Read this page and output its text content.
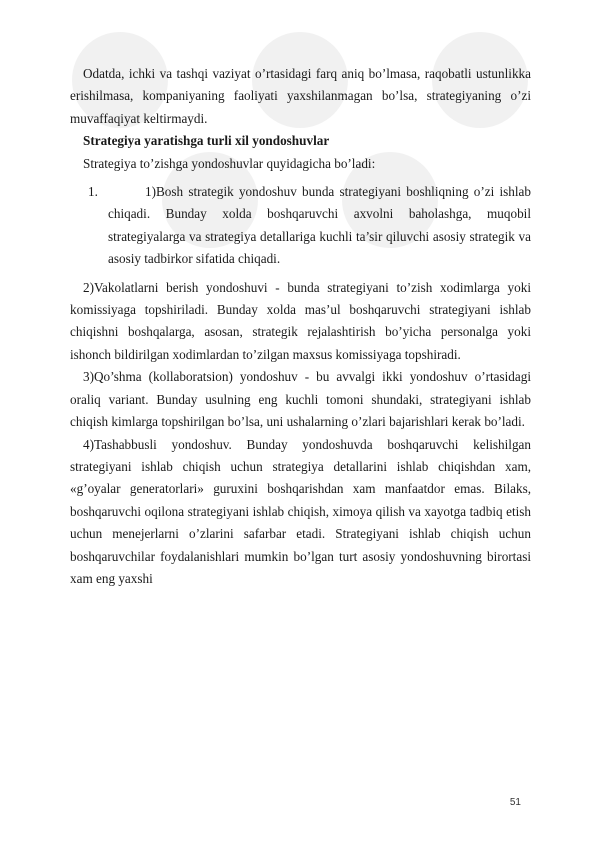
Odatda, ichki va tashqi vaziyat o’rtasidagi farq aniq bo’lmasa, raqobatli ustunlikka erishilmasa, kompaniyaning faoliyati yaxshilanmagan bo’lsa, strategiyaning o’zi muvaffaqiyat keltirmaydi.

Strategiya yaratishga turli xil yondoshuvlar

Strategiya to’zishga yondoshuvlar quyidagicha bo’ladi:

1.	1)Bosh strategik yondoshuv bunda strategiyani boshliqning o’zi ishlab chiqadi. Bunday xolda boshqaruvchi axvolni baholashga, muqobil strategiyalarga va strategiya detallariga kuchli ta’sir qiluvchi asosiy strategik va asosiy tadbirkor sifatida chiqadi.

2)Vakolatlarni berish yondoshuvi - bunda strategiyani to’zish xodimlarga yoki komissiyaga topshiriladi. Bunday xolda mas’ul boshqaruvchi strategiyani ishlab chiqishni boshqalarga, asosan, strategik rejalashtirish bo’yicha personalga yoki ishonch bildirilgan xodimlardan to’zilgan maxsus komissiyaga topshiradi.

3)Qo’shma (kollaboratsion) yondoshuv - bu avvalgi ikki yondoshuv o’rtasidagi oraliq variant. Bunday usulning eng kuchli tomoni shundaki, strategiyani ishlab chiqish kimlarga topshirilgan bo’lsa, uni ushalarning o’zlari bajarishlari kerak bo’ladi.

4)Tashabbusli yondoshuv. Bunday yondoshuvda boshqaruvchi kelishilgan strategiyani ishlab chiqish uchun strategiya detallarini ishlab chiqishdan xam, «g’oyalar generatorlari» guruxini boshqarishdan xam manfaatdor emas. Bilaks, boshqaruvchi oqilona strategiyani ishlab chiqish, ximoya qilish va xayotga tadbiq etish uchun menejerlarni o’zlarini safarbar etadi. Strategiyani ishlab chiqish uchun boshqaruvchilar foydalanishlari mumkin bo’lgan turt asosiy yondoshuvning birortasi xam eng yaxshi

51
